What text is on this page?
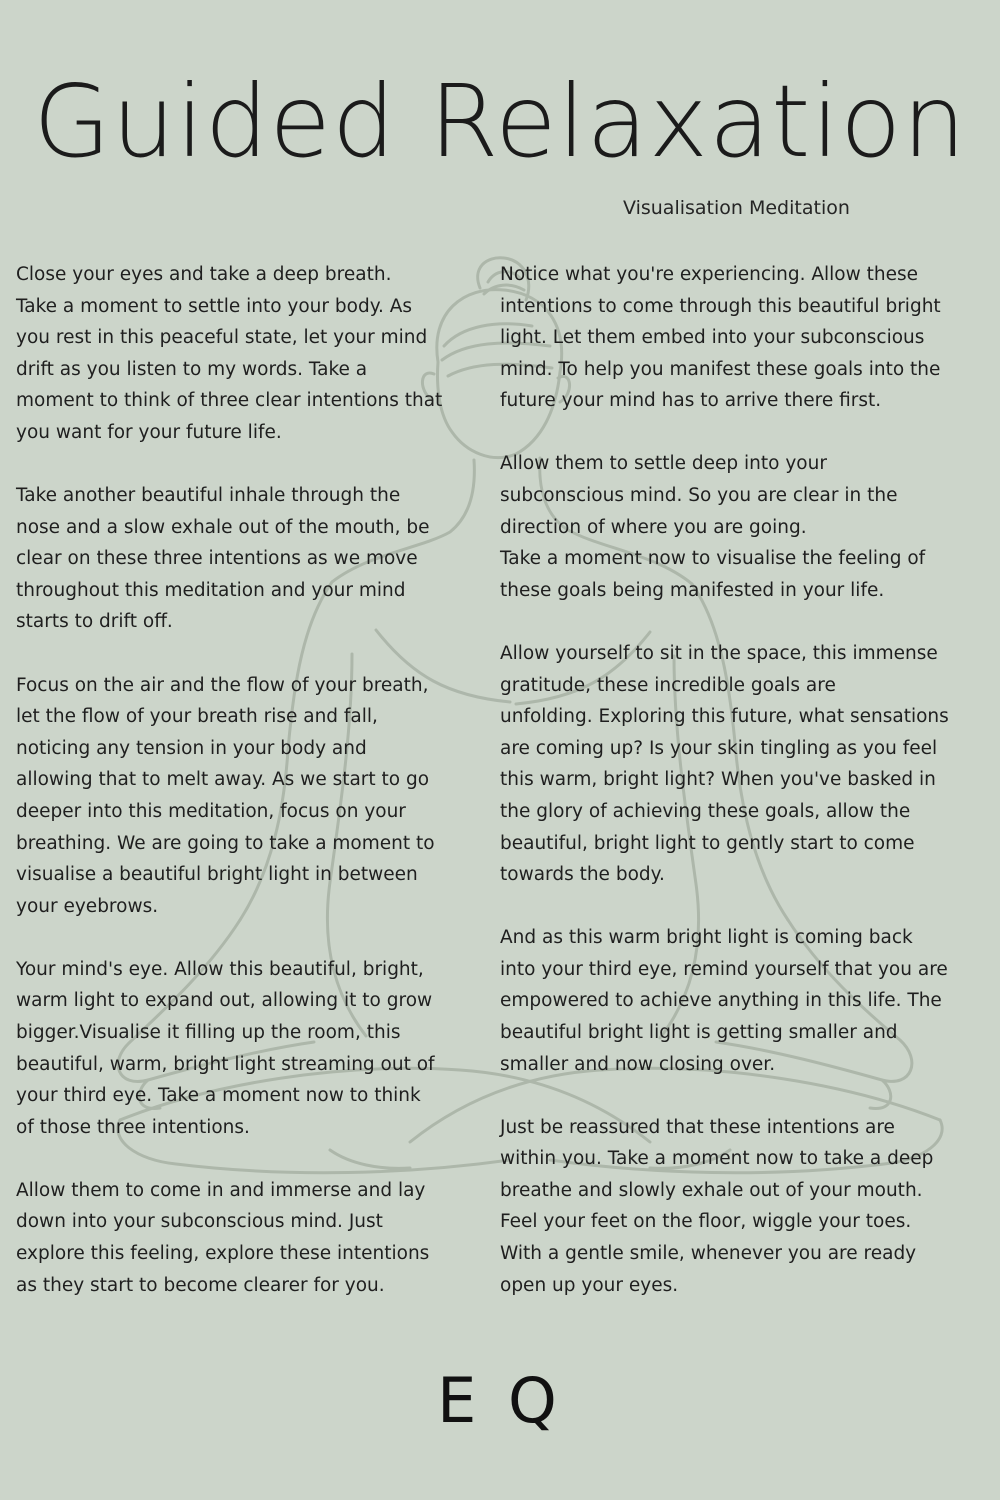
Guided Relaxation

Visualisation Meditation

Close your eyes and take a deep breath.
Take a moment to settle into your body. As
you rest in this peaceful state, let your mind
drift as you listen to my words. Take a
moment to think of three clear intentions that
you want for your future life.

Take another beautiful inhale through the
nose and a slow exhale out of the mouth, be
clear on these three intentions as we move
throughout this meditation and your mind
starts to drift off.

Focus on the air and the flow of your breath,
let the flow of your breath rise and fall,
noticing any tension in your body and
allowing that to melt away. As we start to go
deeper into this meditation, focus on your
breathing. We are going to take a moment to
visualise a beautiful bright light in between
your eyebrows.

Your mind's eye. Allow this beautiful, bright,
warm light to expand out, allowing it to grow
bigger.Visualise it filling up the room, this
beautiful, warm, bright light streaming out of
your third eye. Take a moment now to think
of those three intentions.

Allow them to come in and immerse and lay
down into your subconscious mind. Just
explore this feeling, explore these intentions
as they start to become clearer for you.

Notice what you're experiencing. Allow these
intentions to come through this beautiful bright
light. Let them embed into your subconscious
mind. To help you manifest these goals into the
future your mind has to arrive there first.

Allow them to settle deep into your
subconscious mind. So you are clear in the
direction of where you are going.
Take a moment now to visualise the feeling of
these goals being manifested in your life.

Allow yourself to sit in the space, this immense
gratitude, these incredible goals are
unfolding. Exploring this future, what sensations
are coming up? Is your skin tingling as you feel
this warm, bright light? When you've basked in
the glory of achieving these goals, allow the
beautiful, bright light to gently start to come
towards the body.

And as this warm bright light is coming back
into your third eye, remind yourself that you are
empowered to achieve anything in this life. The
beautiful bright light is getting smaller and
smaller and now closing over.

Just be reassured that these intentions are
within you. Take a moment now to take a deep
breathe and slowly exhale out of your mouth.
Feel your feet on the floor, wiggle your toes.
With a gentle smile, whenever you are ready
open up your eyes.

E Q
